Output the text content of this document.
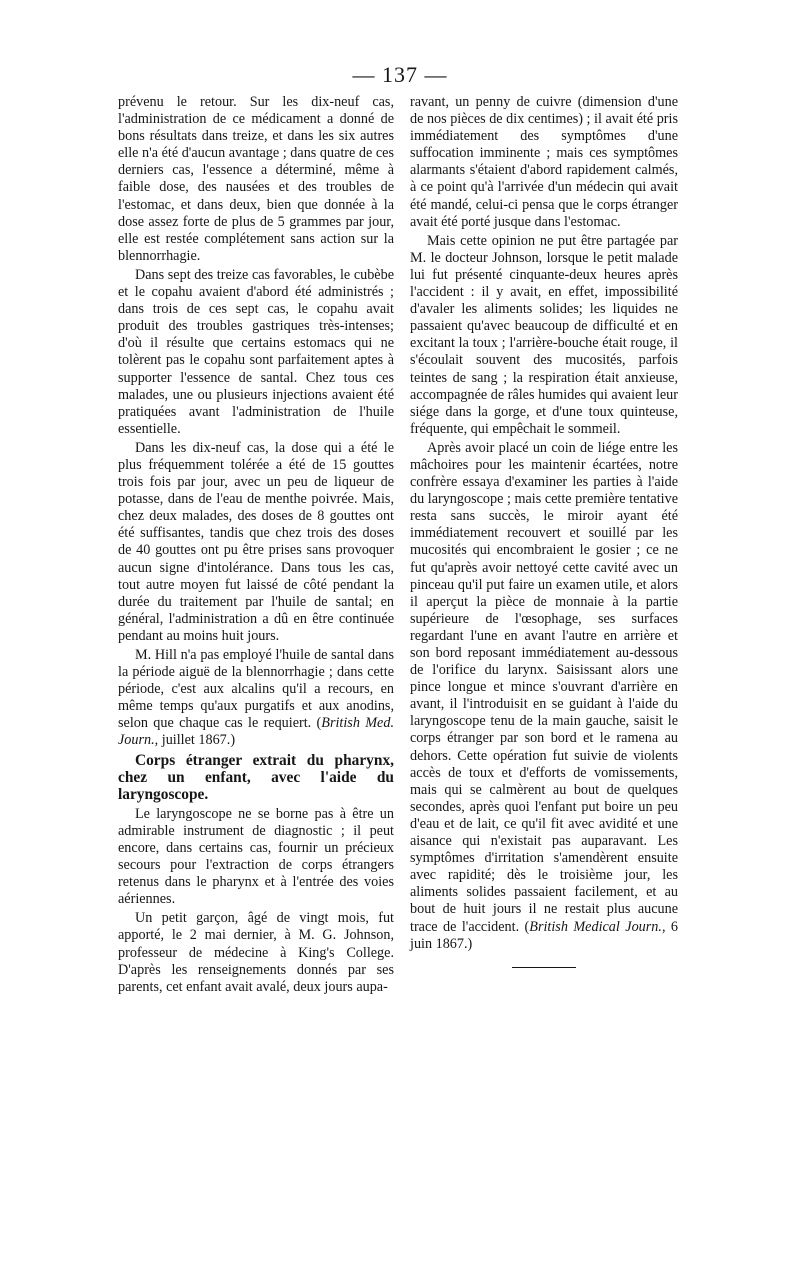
— 137 —

prévenu le retour. Sur les dix-neuf cas, l'administration de ce médicament a donné de bons résultats dans treize, et dans les six autres elle n'a été d'aucun avantage ; dans quatre de ces derniers cas, l'essence a déterminé, même à faible dose, des nausées et des troubles de l'estomac, et dans deux, bien que donnée à la dose assez forte de plus de 5 grammes par jour, elle est restée complétement sans action sur la blennorrhagie.

Dans sept des treize cas favorables, le cubèbe et le copahu avaient d'abord été administrés ; dans trois de ces sept cas, le copahu avait produit des troubles gastriques très-intenses; d'où il résulte que certains estomacs qui ne tolèrent pas le copahu sont parfaitement aptes à supporter l'essence de santal. Chez tous ces malades, une ou plusieurs injections avaient été pratiquées avant l'administration de l'huile essentielle.

Dans les dix-neuf cas, la dose qui a été le plus fréquemment tolérée a été de 15 gouttes trois fois par jour, avec un peu de liqueur de potasse, dans de l'eau de menthe poivrée. Mais, chez deux malades, des doses de 8 gouttes ont été suffisantes, tandis que chez trois des doses de 40 gouttes ont pu être prises sans provoquer aucun signe d'intolérance. Dans tous les cas, tout autre moyen fut laissé de côté pendant la durée du traitement par l'huile de santal; en général, l'administration a dû en être continuée pendant au moins huit jours.

M. Hill n'a pas employé l'huile de santal dans la période aiguë de la blennorrhagie ; dans cette période, c'est aux alcalins qu'il a recours, en même temps qu'aux purgatifs et aux anodins, selon que chaque cas le requiert. (British Med. Journ., juillet 1867.)

Corps étranger extrait du pharynx, chez un enfant, avec l'aide du laryngoscope.

Le laryngoscope ne se borne pas à être un admirable instrument de diagnostic ; il peut encore, dans certains cas, fournir un précieux secours pour l'extraction de corps étrangers retenus dans le pharynx et à l'entrée des voies aériennes.

Un petit garçon, âgé de vingt mois, fut apporté, le 2 mai dernier, à M. G. Johnson, professeur de médecine à King's College. D'après les renseignements donnés par ses parents, cet enfant avait avalé, deux jours aupa-

ravant, un penny de cuivre (dimension d'une de nos pièces de dix centimes) ; il avait été pris immédiatement des symptômes d'une suffocation imminente ; mais ces symptômes alarmants s'étaient d'abord rapidement calmés, à ce point qu'à l'arrivée d'un médecin qui avait été mandé, celui-ci pensa que le corps étranger avait été porté jusque dans l'estomac.

Mais cette opinion ne put être partagée par M. le docteur Johnson, lorsque le petit malade lui fut présenté cinquante-deux heures après l'accident : il y avait, en effet, impossibilité d'avaler les aliments solides; les liquides ne passaient qu'avec beaucoup de difficulté et en excitant la toux ; l'arrière-bouche était rouge, il s'écoulait souvent des mucosités, parfois teintes de sang ; la respiration était anxieuse, accompagnée de râles humides qui avaient leur siége dans la gorge, et d'une toux quinteuse, fréquente, qui empêchait le sommeil.

Après avoir placé un coin de liége entre les mâchoires pour les maintenir écartées, notre confrère essaya d'examiner les parties à l'aide du laryngoscope ; mais cette première tentative resta sans succès, le miroir ayant été immédiatement recouvert et souillé par les mucosités qui encombraient le gosier ; ce ne fut qu'après avoir nettoyé cette cavité avec un pinceau qu'il put faire un examen utile, et alors il aperçut la pièce de monnaie à la partie supérieure de l'œsophage, ses surfaces regardant l'une en avant l'autre en arrière et son bord reposant immédiatement au-dessous de l'orifice du larynx. Saisissant alors une pince longue et mince s'ouvrant d'arrière en avant, il l'introduisit en se guidant à l'aide du laryngoscope tenu de la main gauche, saisit le corps étranger par son bord et le ramena au dehors. Cette opération fut suivie de violents accès de toux et d'efforts de vomissements, mais qui se calmèrent au bout de quelques secondes, après quoi l'enfant put boire un peu d'eau et de lait, ce qu'il fit avec avidité et une aisance qui n'existait pas auparavant. Les symptômes d'irritation s'amendèrent ensuite avec rapidité; dès le troisième jour, les aliments solides passaient facilement, et au bout de huit jours il ne restait plus aucune trace de l'accident. (British Medical Journ., 6 juin 1867.)
